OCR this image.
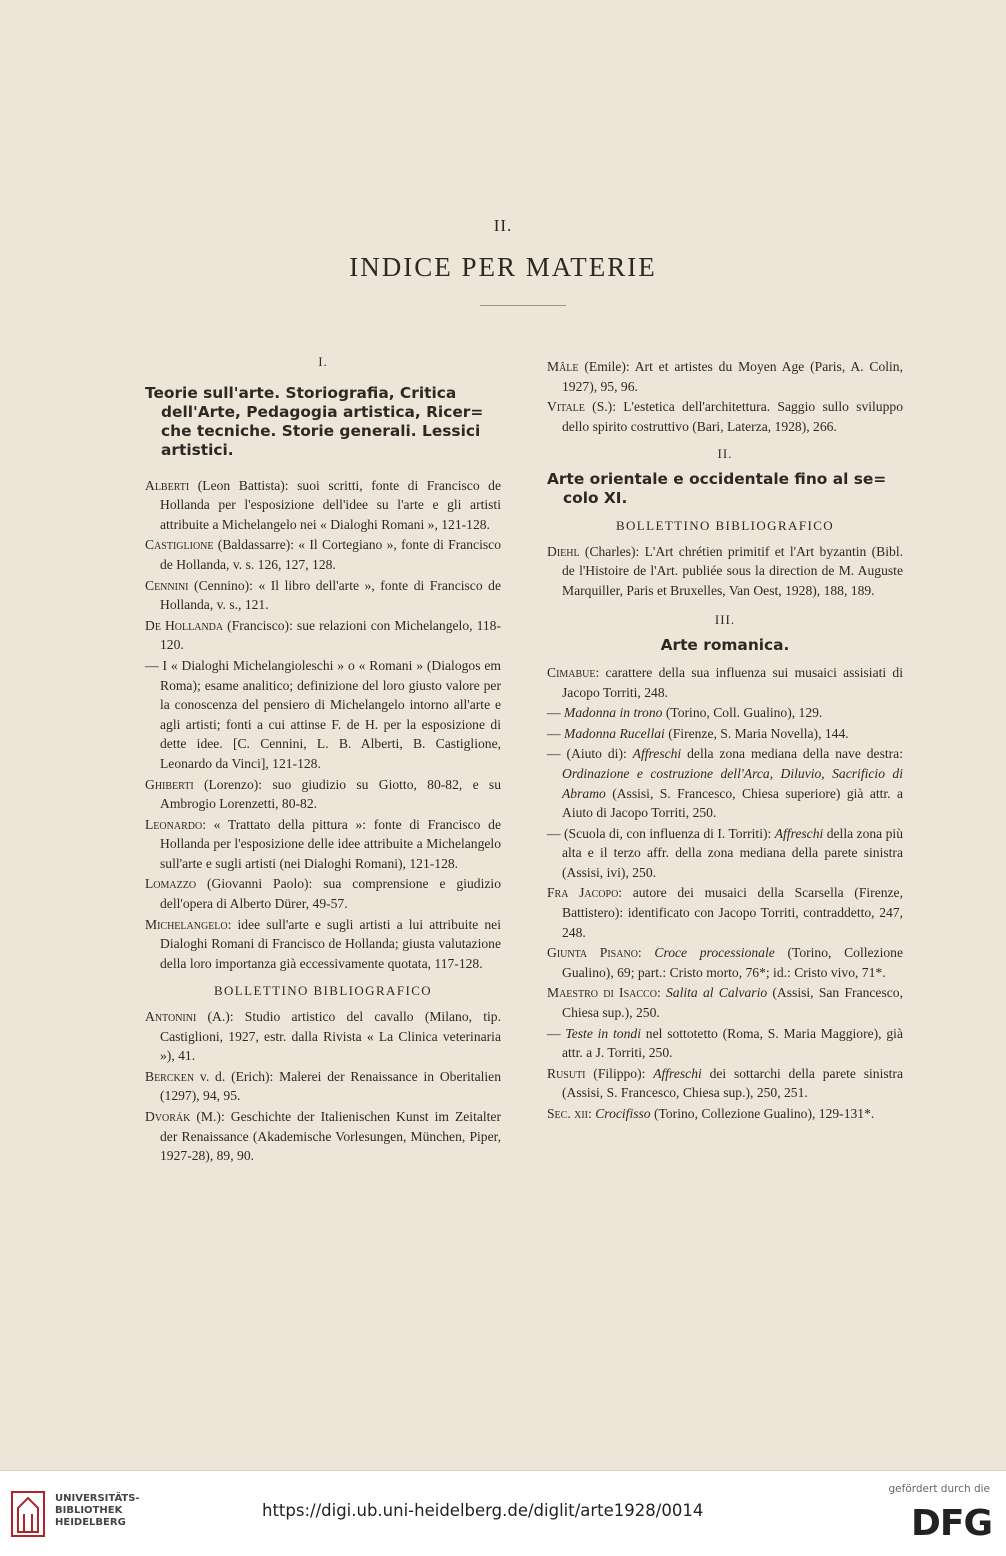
II.
INDICE PER MATERIE
I.
Teorie sull'arte. Storiografia, Critica
dell'Arte, Pedagogia artistica, Ricer=
che tecniche. Storie generali. Lessici
artistici.
Alberti (Leon Battista): suoi scritti, fonte di Francisco de Hollanda per l'esposizione dell'idee su l'arte e gli artisti attribuite a Michelangelo nei « Dialoghi Romani », 121-128.
Castiglione (Baldassarre): « Il Cortegiano », fonte di Francisco de Hollanda, v. s. 126, 127, 128.
Cennini (Cennino): « Il libro dell'arte », fonte di Francisco de Hollanda, v. s., 121.
De Hollanda (Francisco): sue relazioni con Michelangelo, 118-120.
— I « Dialoghi Michelangioleschi » o « Romani » (Dialogos em Roma); esame analitico; definizione del loro giusto valore per la conoscenza del pensiero di Michelangelo intorno all'arte e agli artisti; fonti a cui attinse F. de H. per la esposizione di dette idee. [C. Cennini, L. B. Alberti, B. Castiglione, Leonardo da Vinci], 121-128.
Ghiberti (Lorenzo): suo giudizio su Giotto, 80-82, e su Ambrogio Lorenzetti, 80-82.
Leonardo: « Trattato della pittura »: fonte di Francisco de Hollanda per l'esposizione delle idee attribuite a Michelangelo sull'arte e sugli artisti (nei Dialoghi Romani), 121-128.
Lomazzo (Giovanni Paolo): sua comprensione e giudizio dell'opera di Alberto Dürer, 49-57.
Michelangelo: idee sull'arte e sugli artisti a lui attribuite nei Dialoghi Romani di Francisco de Hollanda; giusta valutazione della loro importanza già eccessivamente quotata, 117-128.
BOLLETTINO BIBLIOGRAFICO
Antonini (A.): Studio artistico del cavallo (Milano, tip. Castiglioni, 1927, estr. dalla Rivista « La Clinica veterinaria »), 41.
Bercken v. d. (Erich): Malerei der Renaissance in Oberitalien (1297), 94, 95.
Dvorák (M.): Geschichte der Italienischen Kunst im Zeitalter der Renaissance (Akademische Vorlesungen, München, Piper, 1927-28), 89, 90.
Mâle (Emile): Art et artistes du Moyen Age (Paris, A. Colin, 1927), 95, 96.
Vitale (S.): L'estetica dell'architettura. Saggio sullo sviluppo dello spirito costruttivo (Bari, Laterza, 1928), 266.
II.
Arte orientale e occidentale fino al se=
colo XI.
BOLLETTINO BIBLIOGRAFICO
Diehl (Charles): L'Art chrétien primitif et l'Art byzantin (Bibl. de l'Histoire de l'Art. publiée sous la direction de M. Auguste Marquiller, Paris et Bruxelles, Van Oest, 1928), 188, 189.
III.
Arte romanica.
Cimabue: carattere della sua influenza sui musaici assisiati di Jacopo Torriti, 248.
— Madonna in trono (Torino, Coll. Gualino), 129.
— Madonna Rucellai (Firenze, S. Maria Novella), 144.
— (Aiuto di): Affreschi della zona mediana della nave destra: Ordinazione e costruzione dell'Arca, Diluvio, Sacrificio di Abramo (Assisi, S. Francesco, Chiesa superiore) già attr. a Aiuto di Jacopo Torriti, 250.
— (Scuola di, con influenza di I. Torriti): Affreschi della zona più alta e il terzo affr. della zona mediana della parete sinistra (Assisi, ivi), 250.
Fra Jacopo: autore dei musaici della Scarsella (Firenze, Battistero): identificato con Jacopo Torriti, contraddetto, 247, 248.
Giunta Pisano: Croce processionale (Torino, Collezione Gualino), 69; part.: Cristo morto, 76*; id.: Cristo vivo, 71*.
Maestro di Isacco: Salita al Calvario (Assisi, San Francesco, Chiesa sup.), 250.
— Teste in tondi nel sottotetto (Roma, S. Maria Maggiore), già attr. a J. Torriti, 250.
Rusuti (Filippo): Affreschi dei sottarchi della parete sinistra (Assisi, S. Francesco, Chiesa sup.), 250, 251.
Sec. xii: Crocifisso (Torino, Collezione Gualino), 129-131*.
UNIVERSITÄTS-
BIBLIOTHEK
HEIDELBERG
https://digi.ub.uni-heidelberg.de/diglit/arte1928/0014
gefördert durch die
DFG
